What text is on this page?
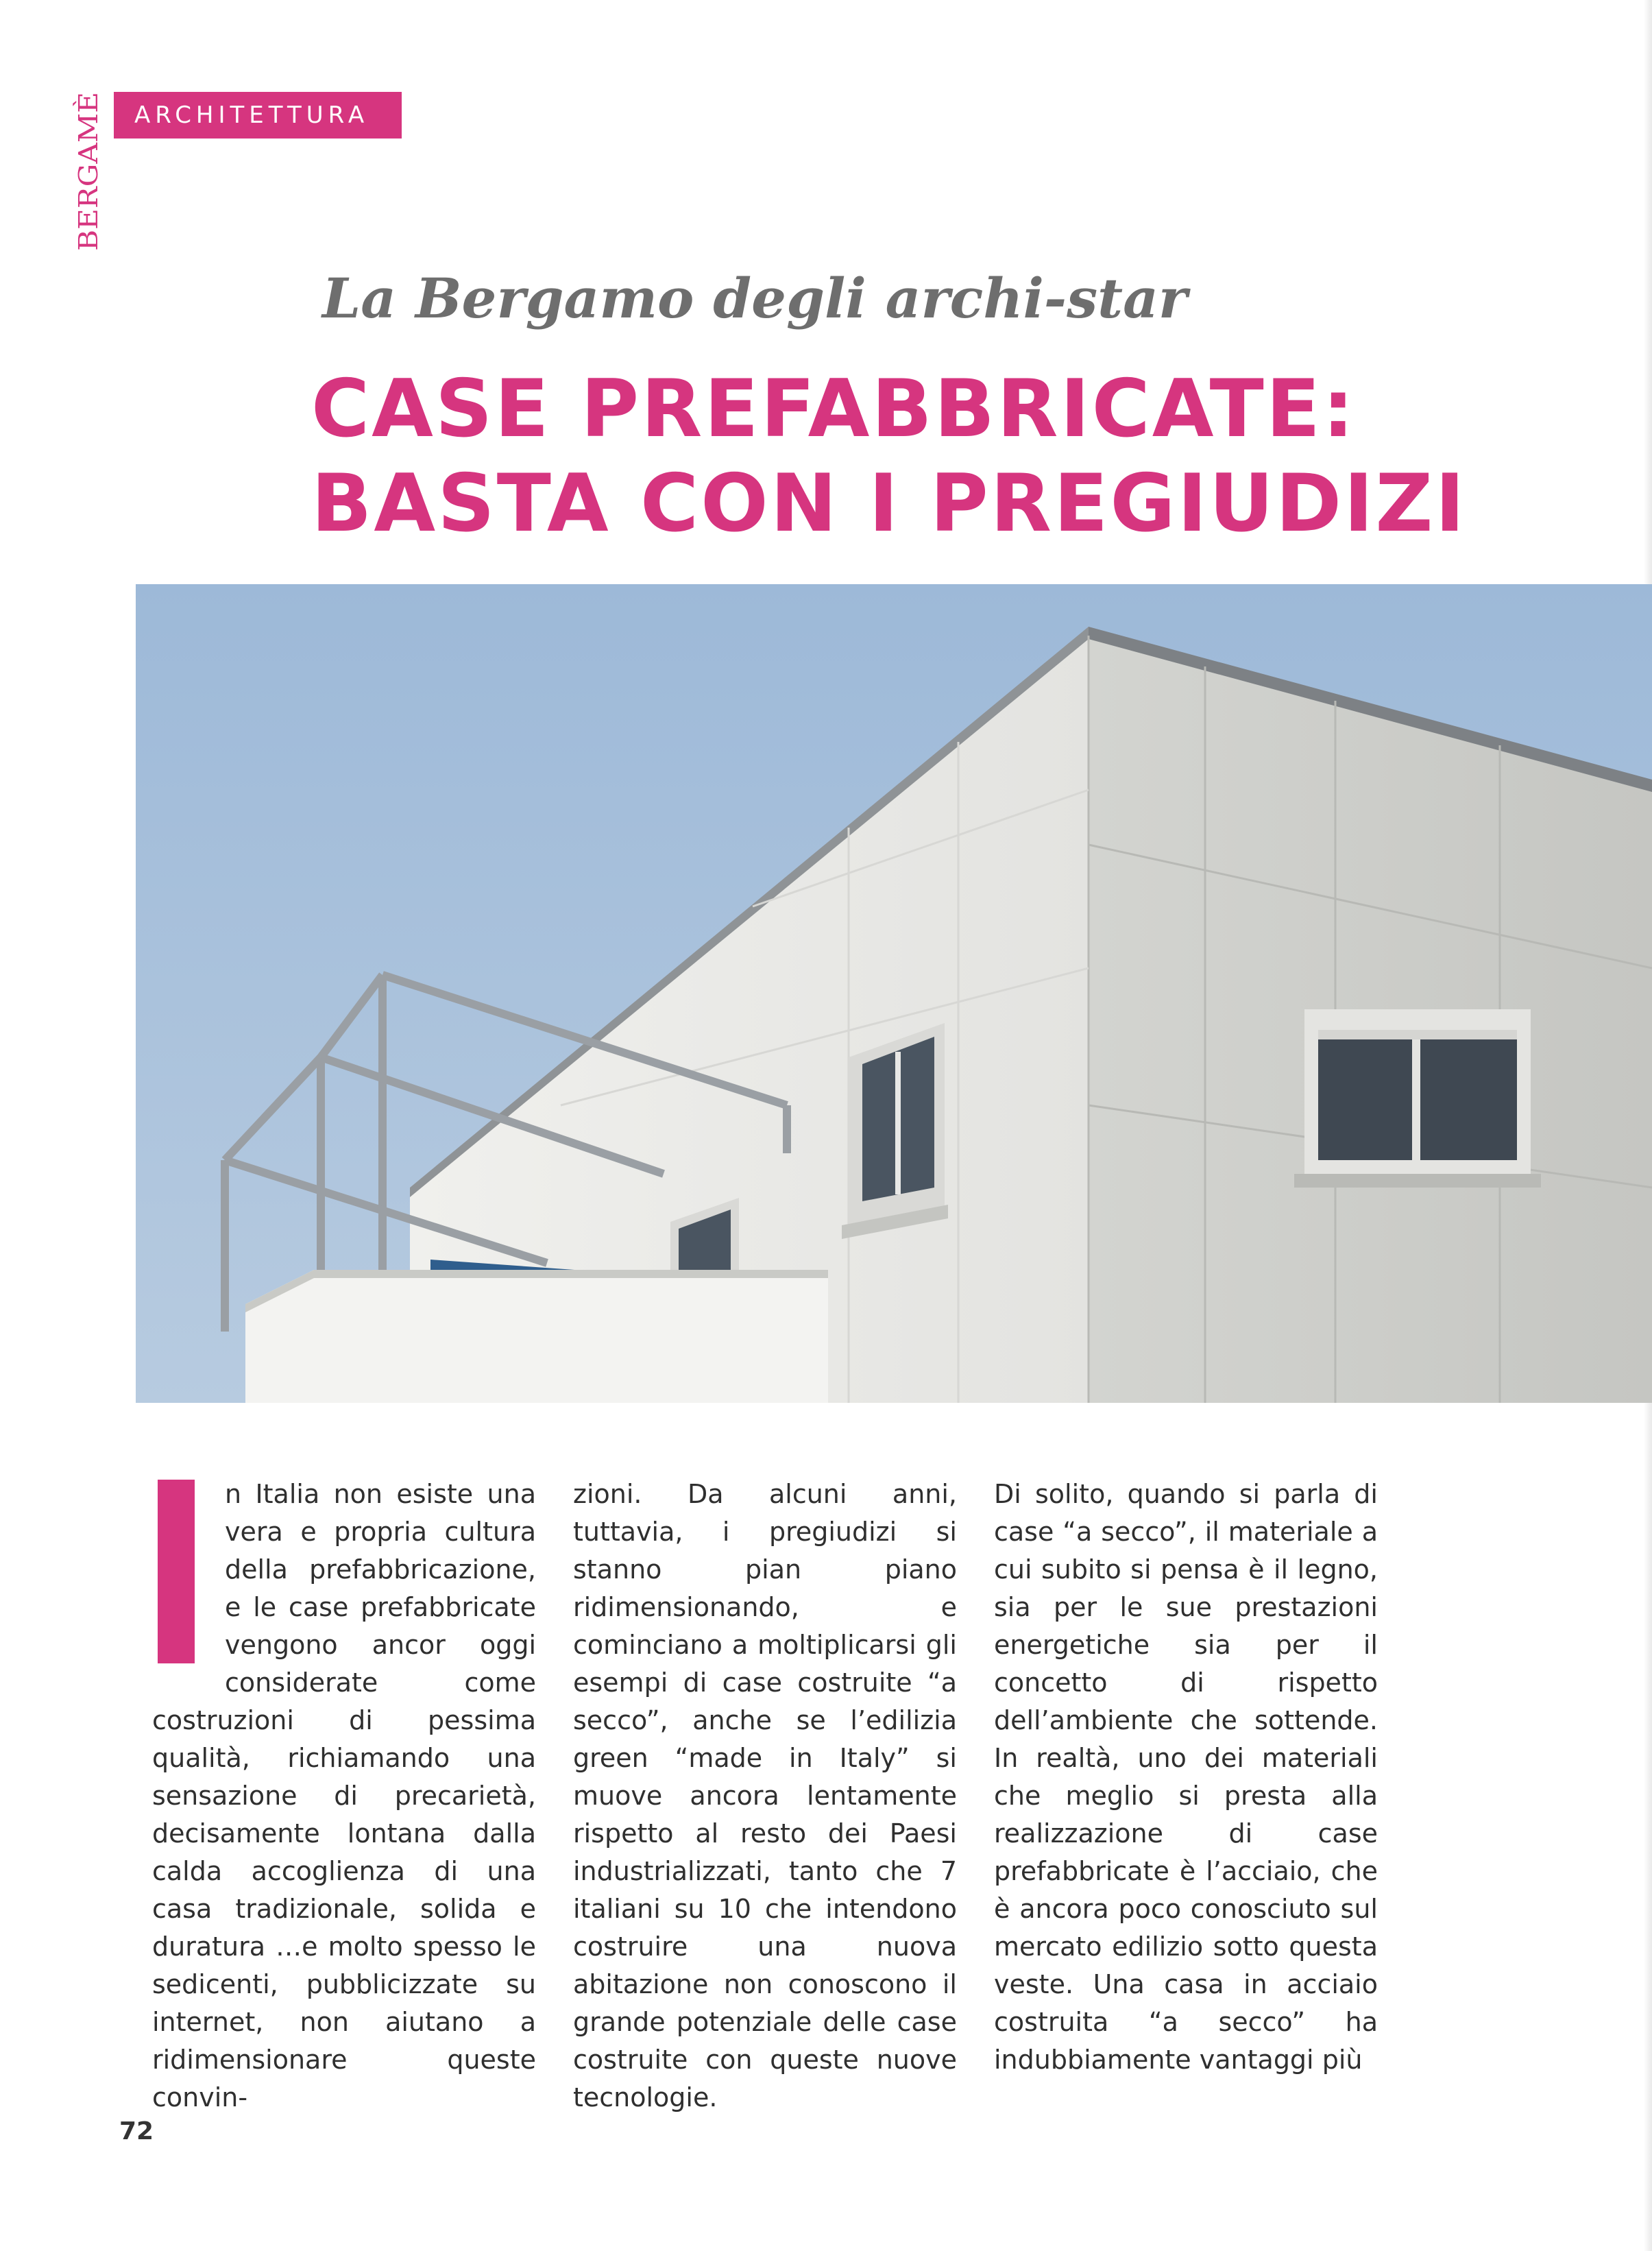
BERGAMÈ	ARCHITETTURA
La Bergamo degli archi-star
CASE PREFABBRICATE:
BASTA CON I PREGIUDIZI
n Italia non esiste una vera e propria cultura della prefabbricazione, e le case prefabbricate vengono ancor oggi considerate come costruzioni di pessima qualità, richiamando una sensazione di precarietà, decisamente lontana dalla calda accoglienza di una casa tradizionale, solida e duratura …e molto spesso le sedicenti, pubblicizzate su internet, non aiutano a ridimensionare queste convin-
zioni. Da alcuni anni, tuttavia, i pregiudizi si stanno pian piano ridimensionando, e cominciano a moltiplicarsi gli esempi di case costruite “a secco”, anche se l’edilizia green “made in Italy” si muove ancora lentamente rispetto al resto dei Paesi industrializzati, tanto che 7 italiani su 10 che intendono costruire una nuova abitazione non conoscono il grande potenziale delle case costruite con queste nuove tecnologie.
Di solito, quando si parla di case “a secco”, il materiale a cui subito si pensa è il legno, sia per le sue prestazioni energetiche sia per il concetto di rispetto dell’ambiente che sottende. In realtà, uno dei materiali che meglio si presta alla realizzazione di case prefabbricate è l’acciaio, che è ancora poco conosciuto sul mercato edilizio sotto questa veste. Una casa in acciaio costruita “a secco” ha indubbiamente vantaggi più
72
